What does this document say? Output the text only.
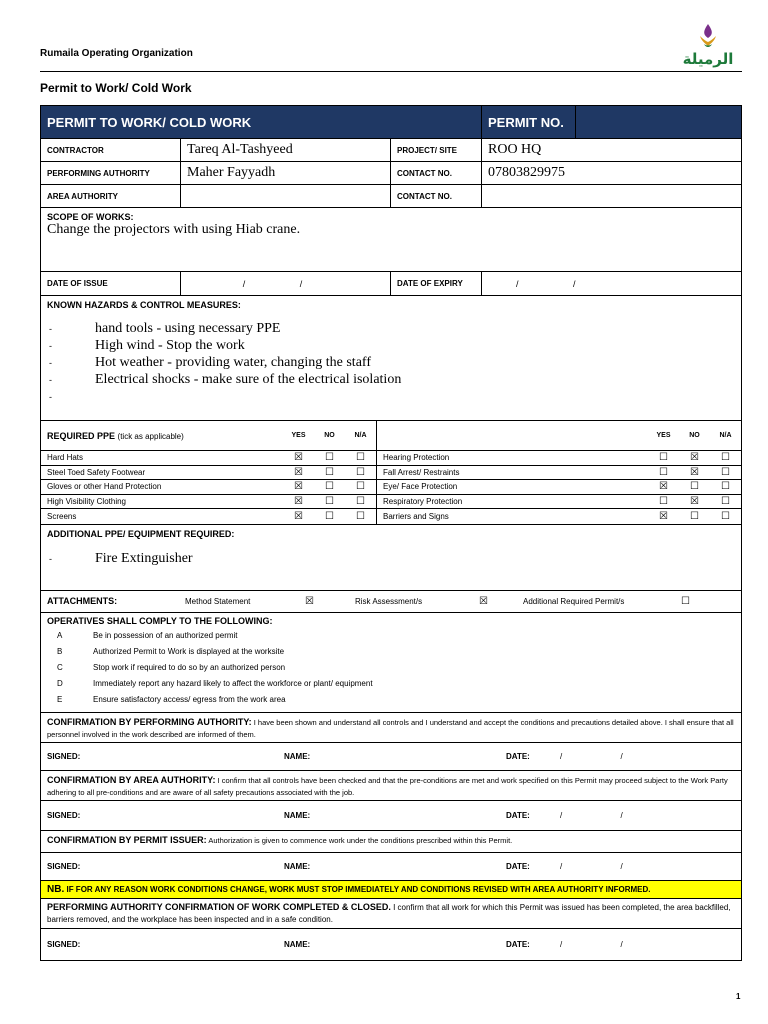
Rumaila Operating Organization	الرميلة
Permit to Work/ Cold Work
PERMIT TO WORK/ COLD WORK	PERMIT NO.
CONTRACTOR	Tareq Al-Tashyeed	PROJECT/ SITE	ROO HQ
PERFORMING AUTHORITY	Maher Fayyadh	CONTACT NO.	07803829975
AREA AUTHORITY	CONTACT NO.
SCOPE OF WORKS:
Change the projectors with using Hiab crane.
DATE OF ISSUE	/ /	DATE OF EXPIRY	/ /
KNOWN HAZARDS & CONTROL MEASURES:
-	hand tools - using necessary PPE
-	High wind - Stop the work
-	Hot weather - providing water, changing the staff
-	Electrical shocks - make sure of the electrical isolation
-
REQUIRED PPE (tick as applicable)	YES	NO	N/A
Hard Hats	☒	☐	☐
Steel Toed Safety Footwear	☒	☐	☐
Gloves or other Hand Protection	☒	☐	☐
High Visibility Clothing	☒	☐	☐
Screens	☒	☐	☐
YES	NO	N/A
Hearing Protection	☐	☒	☐
Fall Arrest/ Restraints	☐	☒	☐
Eye/ Face Protection	☒	☐	☐
Respiratory Protection	☐	☒	☐
Barriers and Signs	☒	☐	☐
ADDITIONAL PPE/ EQUIPMENT REQUIRED:
-	Fire Extinguisher
ATTACHMENTS:	Method Statement	☒	Risk Assessment/s	☒	Additional Required Permit/s	☐
OPERATIVES SHALL COMPLY TO THE FOLLOWING:
A	Be in possession of an authorized permit
B	Authorized Permit to Work is displayed at the worksite
C	Stop work if required to do so by an authorized person
D	Immediately report any hazard likely to affect the workforce or plant/ equipment
E	Ensure satisfactory access/ egress from the work area
CONFIRMATION BY PERFORMING AUTHORITY: I have been shown and understand all controls and I understand and accept the conditions and precautions detailed above. I shall ensure that all personnel involved in the work described are informed of them.
SIGNED:	NAME:	DATE:	/ /
CONFIRMATION BY AREA AUTHORITY: I confirm that all controls have been checked and that the pre-conditions are met and work specified on this Permit may proceed subject to the Work Party adhering to all pre-conditions and are aware of all safety precautions associated with the job.
SIGNED:	NAME:	DATE:	/ /
CONFIRMATION BY PERMIT ISSUER: Authorization is given to commence work under the conditions prescribed within this Permit.
SIGNED:	NAME:	DATE:	/ /
NB. IF FOR ANY REASON WORK CONDITIONS CHANGE, WORK MUST STOP IMMEDIATELY AND CONDITIONS REVISED WITH AREA AUTHORITY INFORMED.
PERFORMING AUTHORITY CONFIRMATION OF WORK COMPLETED & CLOSED. I confirm that all work for which this Permit was issued has been completed, the area backfilled, barriers removed, and the workplace has been inspected and in a safe condition.
SIGNED:	NAME:	DATE:	/ /
1
